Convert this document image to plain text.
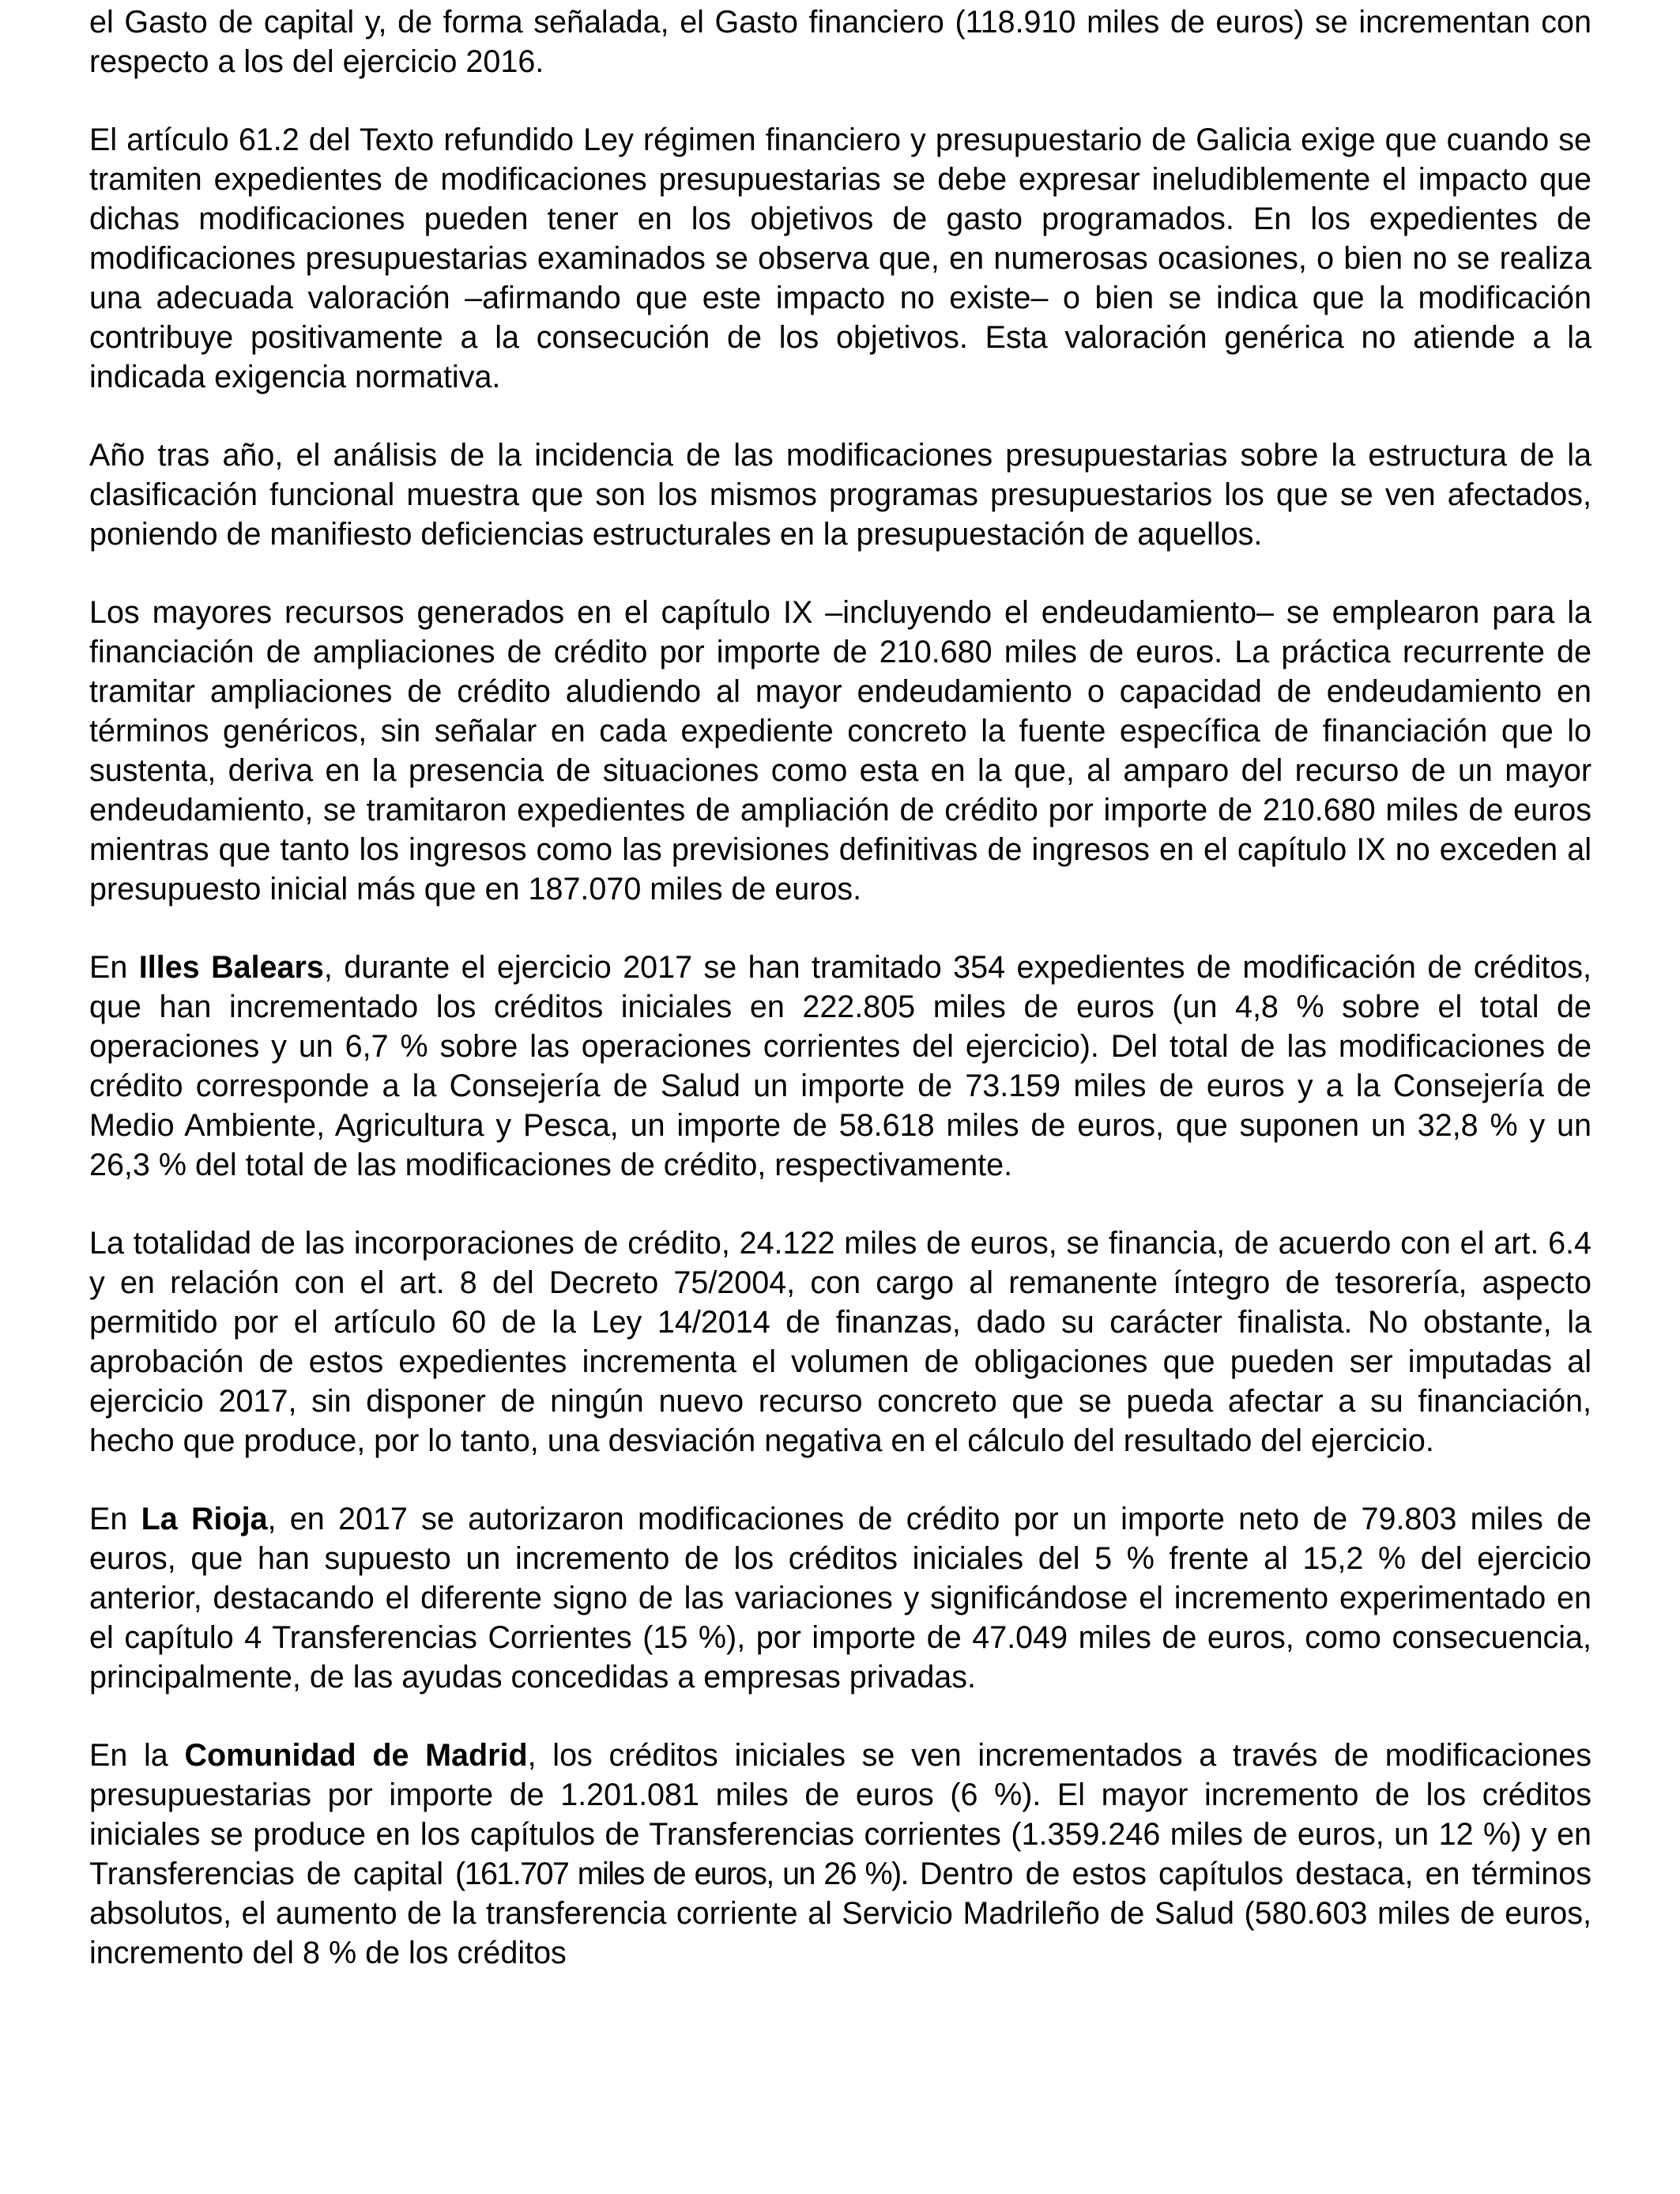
el Gasto de capital y, de forma señalada, el Gasto financiero (118.910 miles de euros) se incrementan con respecto a los del ejercicio 2016.

El artículo 61.2 del Texto refundido Ley régimen financiero y presupuestario de Galicia exige que cuando se tramiten expedientes de modificaciones presupuestarias se debe expresar ineludiblemente el impacto que dichas modificaciones pueden tener en los objetivos de gasto programados. En los expedientes de modificaciones presupuestarias examinados se observa que, en numerosas ocasiones, o bien no se realiza una adecuada valoración –afirmando que este impacto no existe– o bien se indica que la modificación contribuye positivamente a la consecución de los objetivos. Esta valoración genérica no atiende a la indicada exigencia normativa.

Año tras año, el análisis de la incidencia de las modificaciones presupuestarias sobre la estructura de la clasificación funcional muestra que son los mismos programas presupuestarios los que se ven afectados, poniendo de manifiesto deficiencias estructurales en la presupuestación de aquellos.

Los mayores recursos generados en el capítulo IX –incluyendo el endeudamiento– se emplearon para la financiación de ampliaciones de crédito por importe de 210.680 miles de euros. La práctica recurrente de tramitar ampliaciones de crédito aludiendo al mayor endeudamiento o capacidad de endeudamiento en términos genéricos, sin señalar en cada expediente concreto la fuente específica de financiación que lo sustenta, deriva en la presencia de situaciones como esta en la que, al amparo del recurso de un mayor endeudamiento, se tramitaron expedientes de ampliación de crédito por importe de 210.680 miles de euros mientras que tanto los ingresos como las previsiones definitivas de ingresos en el capítulo IX no exceden al presupuesto inicial más que en 187.070 miles de euros.

En Illes Balears, durante el ejercicio 2017 se han tramitado 354 expedientes de modificación de créditos, que han incrementado los créditos iniciales en 222.805 miles de euros (un 4,8 % sobre el total de operaciones y un 6,7 % sobre las operaciones corrientes del ejercicio). Del total de las modificaciones de crédito corresponde a la Consejería de Salud un importe de 73.159 miles de euros y a la Consejería de Medio Ambiente, Agricultura y Pesca, un importe de 58.618 miles de euros, que suponen un 32,8 % y un 26,3 % del total de las modificaciones de crédito, respectivamente.

La totalidad de las incorporaciones de crédito, 24.122 miles de euros, se financia, de acuerdo con el art. 6.4 y en relación con el art. 8 del Decreto 75/2004, con cargo al remanente íntegro de tesorería, aspecto permitido por el artículo 60 de la Ley 14/2014 de finanzas, dado su carácter finalista. No obstante, la aprobación de estos expedientes incrementa el volumen de obligaciones que pueden ser imputadas al ejercicio 2017, sin disponer de ningún nuevo recurso concreto que se pueda afectar a su financiación, hecho que produce, por lo tanto, una desviación negativa en el cálculo del resultado del ejercicio.

En La Rioja, en 2017 se autorizaron modificaciones de crédito por un importe neto de 79.803 miles de euros, que han supuesto un incremento de los créditos iniciales del 5 % frente al 15,2 % del ejercicio anterior, destacando el diferente signo de las variaciones y significándose el incremento experimentado en el capítulo 4 Transferencias Corrientes (15 %), por importe de 47.049 miles de euros, como consecuencia, principalmente, de las ayudas concedidas a empresas privadas.

En la Comunidad de Madrid, los créditos iniciales se ven incrementados a través de modificaciones presupuestarias por importe de 1.201.081 miles de euros (6 %). El mayor incremento de los créditos iniciales se produce en los capítulos de Transferencias corrientes (1.359.246 miles de euros, un 12 %) y en Transferencias de capital (161.707 miles de euros, un 26 %). Dentro de estos capítulos destaca, en términos absolutos, el aumento de la transferencia corriente al Servicio Madrileño de Salud (580.603 miles de euros, incremento del 8 % de los créditos
